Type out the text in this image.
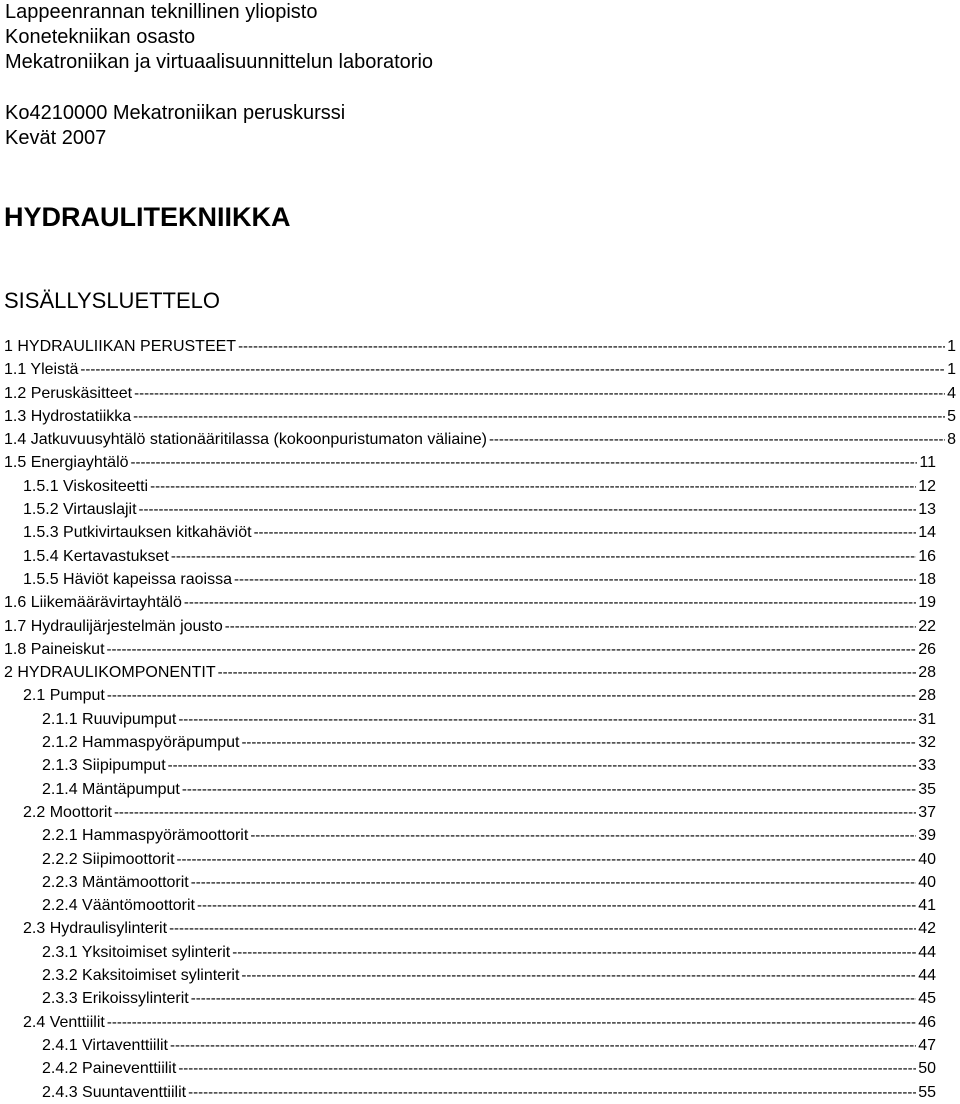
Lappeenrannan teknillinen yliopisto
Konetekniikan osasto
Mekatroniikan ja virtuaalisuunnittelun laboratorio
Ko4210000 Mekatroniikan peruskurssi
Kevät 2007
HYDRAULITEKNIIKKA
SISÄLLYSLUETTELO
1 HYDRAULIIKAN PERUSTEET -----	1
1.1 Yleistä -----	1
1.2 Peruskäsitteet -----	4
1.3 Hydrostatiikka -----	5
1.4 Jatkuvuusyhtälö stationääritilassa (kokoonpuristumaton väliaine) -----	8
1.5 Energiayhtälö -----	11
1.5.1 Viskositeetti -----	12
1.5.2 Virtauslajit -----	13
1.5.3 Putkivirtauksen kitkahäviöt -----	14
1.5.4 Kertavastukset -----	16
1.5.5 Häviöt kapeissa raoissa -----	18
1.6 Liikemäärävirtayhtälö -----	19
1.7 Hydraulijärjestelmän jousto -----	22
1.8 Paineiskut -----	26
2 HYDRAULIKOMPONENTIT -----	28
2.1 Pumput -----	28
2.1.1 Ruuvipumput -----	31
2.1.2 Hammaspyöräpumput -----	32
2.1.3 Siipipumput -----	33
2.1.4 Mäntäpumput -----	35
2.2 Moottorit -----	37
2.2.1 Hammaspyörämoottorit -----	39
2.2.2 Siipimoottorit -----	40
2.2.3 Mäntämoottorit -----	40
2.2.4 Vääntömoottorit -----	41
2.3 Hydraulisylinterit -----	42
2.3.1 Yksitoimiset sylinterit -----	44
2.3.2 Kaksitoimiset sylinterit -----	44
2.3.3 Erikoissylinterit -----	45
2.4 Venttiilit -----	46
2.4.1 Virtaventtiilit -----	47
2.4.2 Paineventtiilit -----	50
2.4.3 Suuntaventtiilit -----	55
